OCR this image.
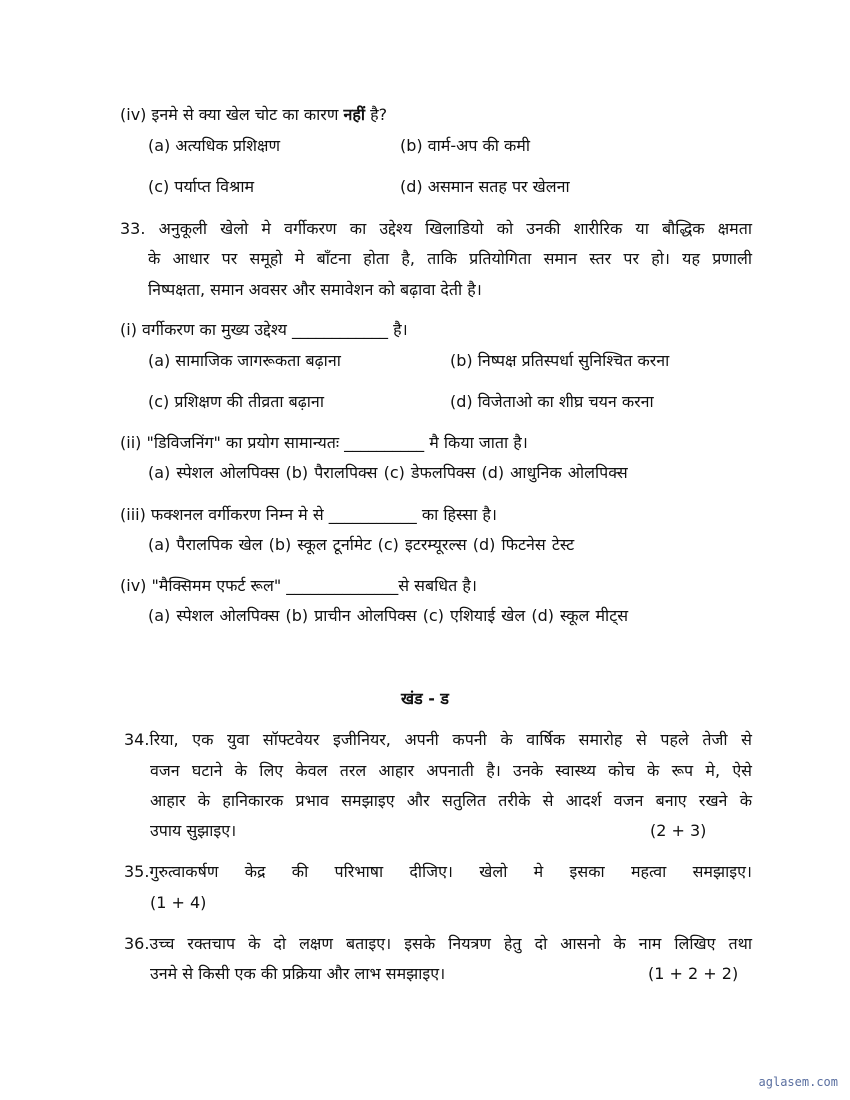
(iv) इनमे से क्या खेल चोट का कारण नहीं है?
(a) अत्यधिक प्रशिक्षण	(b) वार्म-अप की कमी
(c) पर्याप्त विश्राम	(d) असमान सतह पर खेलना
33. अनुकूली खेलो मे वर्गीकरण का उद्देश्य खिलाडियो को उनकी शारीरिक या बौद्धिक क्षमता
के आधार पर समूहो मे बाँटना होता है, ताकि प्रतियोगिता समान स्तर पर हो। यह प्रणाली
निष्पक्षता, समान अवसर और समावेशन को बढ़ावा देती है।
(i) वर्गीकरण का मुख्य उद्देश्य ____________ है।
(a) सामाजिक जागरूकता बढ़ाना	(b) निष्पक्ष प्रतिस्पर्धा सुनिश्चित करना
(c) प्रशिक्षण की तीव्रता बढ़ाना	(d) विजेताओ का शीघ्र चयन करना
(ii) "डिविजनिंग" का प्रयोग सामान्यतः __________ मै किया जाता है।
(a) स्पेशल ओलपिक्स (b) पैरालपिक्स (c) डेफलपिक्स (d) आधुनिक ओलपिक्स
(iii) फक्शनल वर्गीकरण निम्न मे से ___________ का हिस्सा है।
(a) पैरालपिक खेल (b) स्कूल टूर्नामेट (c) इटरम्यूरल्स (d) फिटनेस टेस्ट
(iv) "मैक्सिमम एफर्ट रूल" ______________से सबधित है।
(a) स्पेशल ओलपिक्स (b) प्राचीन ओलपिक्स (c) एशियाई खेल (d) स्कूल मीट्स
खंड - ड
34.रिया, एक युवा सॉफ्टवेयर इजीनियर, अपनी कपनी के वार्षिक समारोह से पहले तेजी से
वजन घटाने के लिए केवल तरल आहार अपनाती है। उनके स्वास्थ्य कोच के रूप मे, ऐसे
आहार के हानिकारक प्रभाव समझाइए और सतुलित तरीके से आदर्श वजन बनाए रखने के
उपाय सुझाइए।	(2 + 3)
35.गुरुत्वाकर्षण केद्र की परिभाषा दीजिए। खेलो मे इसका महत्वा समझाइए।
(1 + 4)
36.उच्च रक्तचाप के दो लक्षण बताइए। इसके नियत्रण हेतु दो आसनो के नाम लिखिए तथा
उनमे से किसी एक की प्रक्रिया और लाभ समझाइए।	(1 + 2 + 2)
aglasem.com
